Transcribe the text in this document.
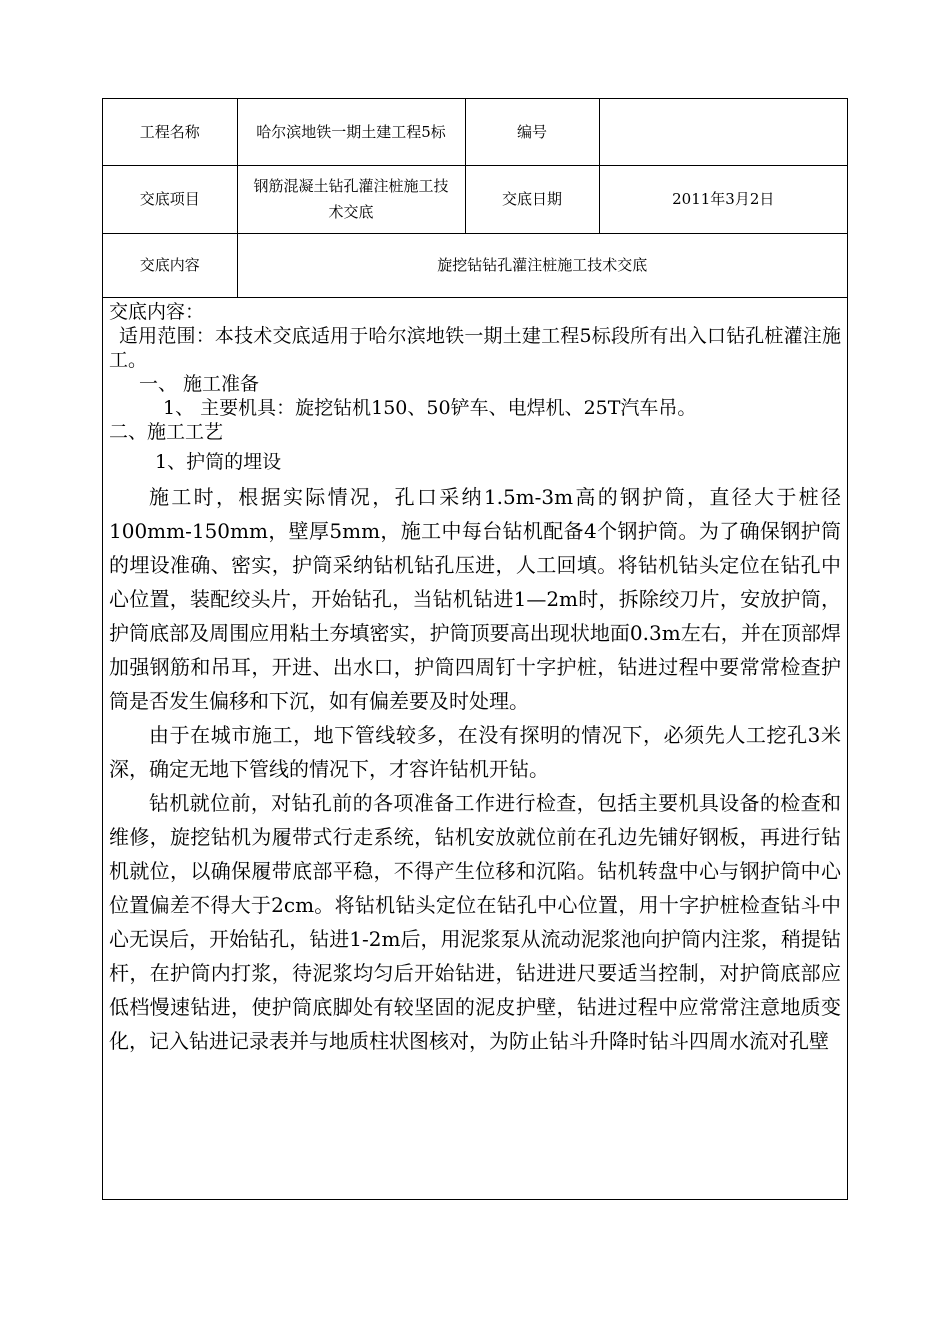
工程名称	哈尔滨地铁一期土建工程5标	编号	
交底项目	钢筋混凝土钻孔灌注桩施工技术交底	交底日期	2011年3月2日
交底内容	旋挖钻钻孔灌注桩施工技术交底		

交底内容：

适用范围：本技术交底适用于哈尔滨地铁一期土建工程5标段所有出入口钻孔桩灌注施工。

一、 施工准备

1、 主要机具：旋挖钻机150、50铲车、电焊机、25T汽车吊。

二、施工工艺

1、护筒的埋设

施工时，根据实际情况，孔口采纳1.5m-3m高的钢护筒，直径大于桩径100mm-150mm，壁厚5mm，施工中每台钻机配备4个钢护筒。为了确保钢护筒的埋设准确、密实，护筒采纳钻机钻孔压进，人工回填。将钻机钻头定位在钻孔中心位置，装配绞头片，开始钻孔，当钻机钻进1—2m时，拆除绞刀片，安放护筒，护筒底部及周围应用粘土夯填密实，护筒顶要高出现状地面0.3m左右，并在顶部焊加强钢筋和吊耳，开进、出水口，护筒四周钉十字护桩，钻进过程中要常常检查护筒是否发生偏移和下沉，如有偏差要及时处理。

由于在城市施工，地下管线较多，在没有探明的情况下，必须先人工挖孔3米深，确定无地下管线的情况下，才容许钻机开钻。

钻机就位前，对钻孔前的各项准备工作进行检查，包括主要机具设备的检查和维修，旋挖钻机为履带式行走系统，钻机安放就位前在孔边先铺好钢板，再进行钻机就位，以确保履带底部平稳，不得产生位移和沉陷。钻机转盘中心与钢护筒中心位置偏差不得大于2cm。将钻机钻头定位在钻孔中心位置，用十字护桩检查钻斗中心无误后，开始钻孔，钻进1-2m后，用泥浆泵从流动泥浆池向护筒内注浆，稍提钻杆，在护筒内打浆，待泥浆均匀后开始钻进，钻进进尺要适当控制，对护筒底部应低档慢速钻进，使护筒底脚处有较坚固的泥皮护壁，钻进过程中应常常注意地质变化，记入钻进记录表并与地质柱状图核对，为防止钻斗升降时钻斗四周水流对孔壁
